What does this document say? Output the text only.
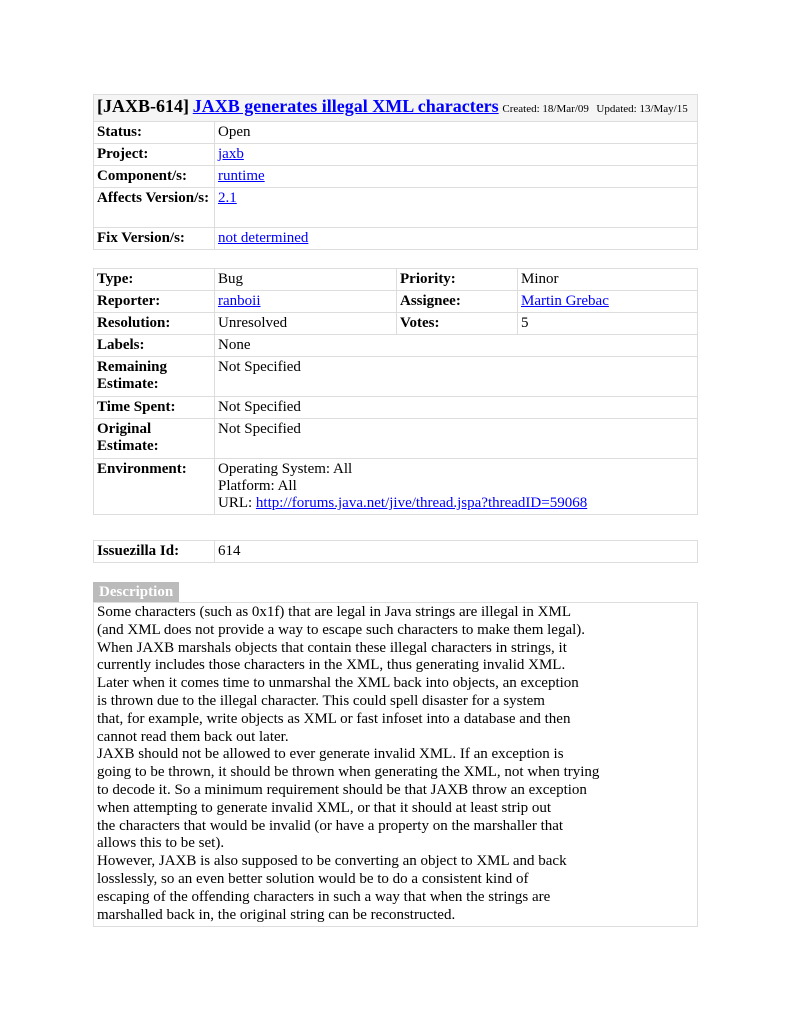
[JAXB-614] JAXB generates illegal XML characters Created: 18/Mar/09 Updated: 13/May/15	
Status:	Open
Project:	jaxb
Component/s:	runtime
Affects Version/s:	2.1
Fix Version/s:	not determined
Type:	Bug	Priority:	Minor
Reporter:	ranboii	Assignee:	Martin Grebac
Resolution:	Unresolved	Votes:	5
Labels:	None		
Remaining Estimate:	Not Specified		
Time Spent:	Not Specified		
Original Estimate:	Not Specified		
Environment:	Operating System: All
Platform: All
URL: http://forums.java.net/jive/thread.jspa?threadID=59068		
Issuezilla Id:	614
Description
Some characters (such as 0x1f) that are legal in Java strings are illegal in XML
(and XML does not provide a way to escape such characters to make them legal).
When JAXB marshals objects that contain these illegal characters in strings, it
currently includes those characters in the XML, thus generating invalid XML.
Later when it comes time to unmarshal the XML back into objects, an exception
is thrown due to the illegal character. This could spell disaster for a system
that, for example, write objects as XML or fast infoset into a database and then
cannot read them back out later.
JAXB should not be allowed to ever generate invalid XML. If an exception is
going to be thrown, it should be thrown when generating the XML, not when trying
to decode it. So a minimum requirement should be that JAXB throw an exception
when attempting to generate invalid XML, or that it should at least strip out
the characters that would be invalid (or have a property on the marshaller that
allows this to be set).
However, JAXB is also supposed to be converting an object to XML and back
losslessly, so an even better solution would be to do a consistent kind of
escaping of the offending characters in such a way that when the strings are
marshalled back in, the original string can be reconstructed.
